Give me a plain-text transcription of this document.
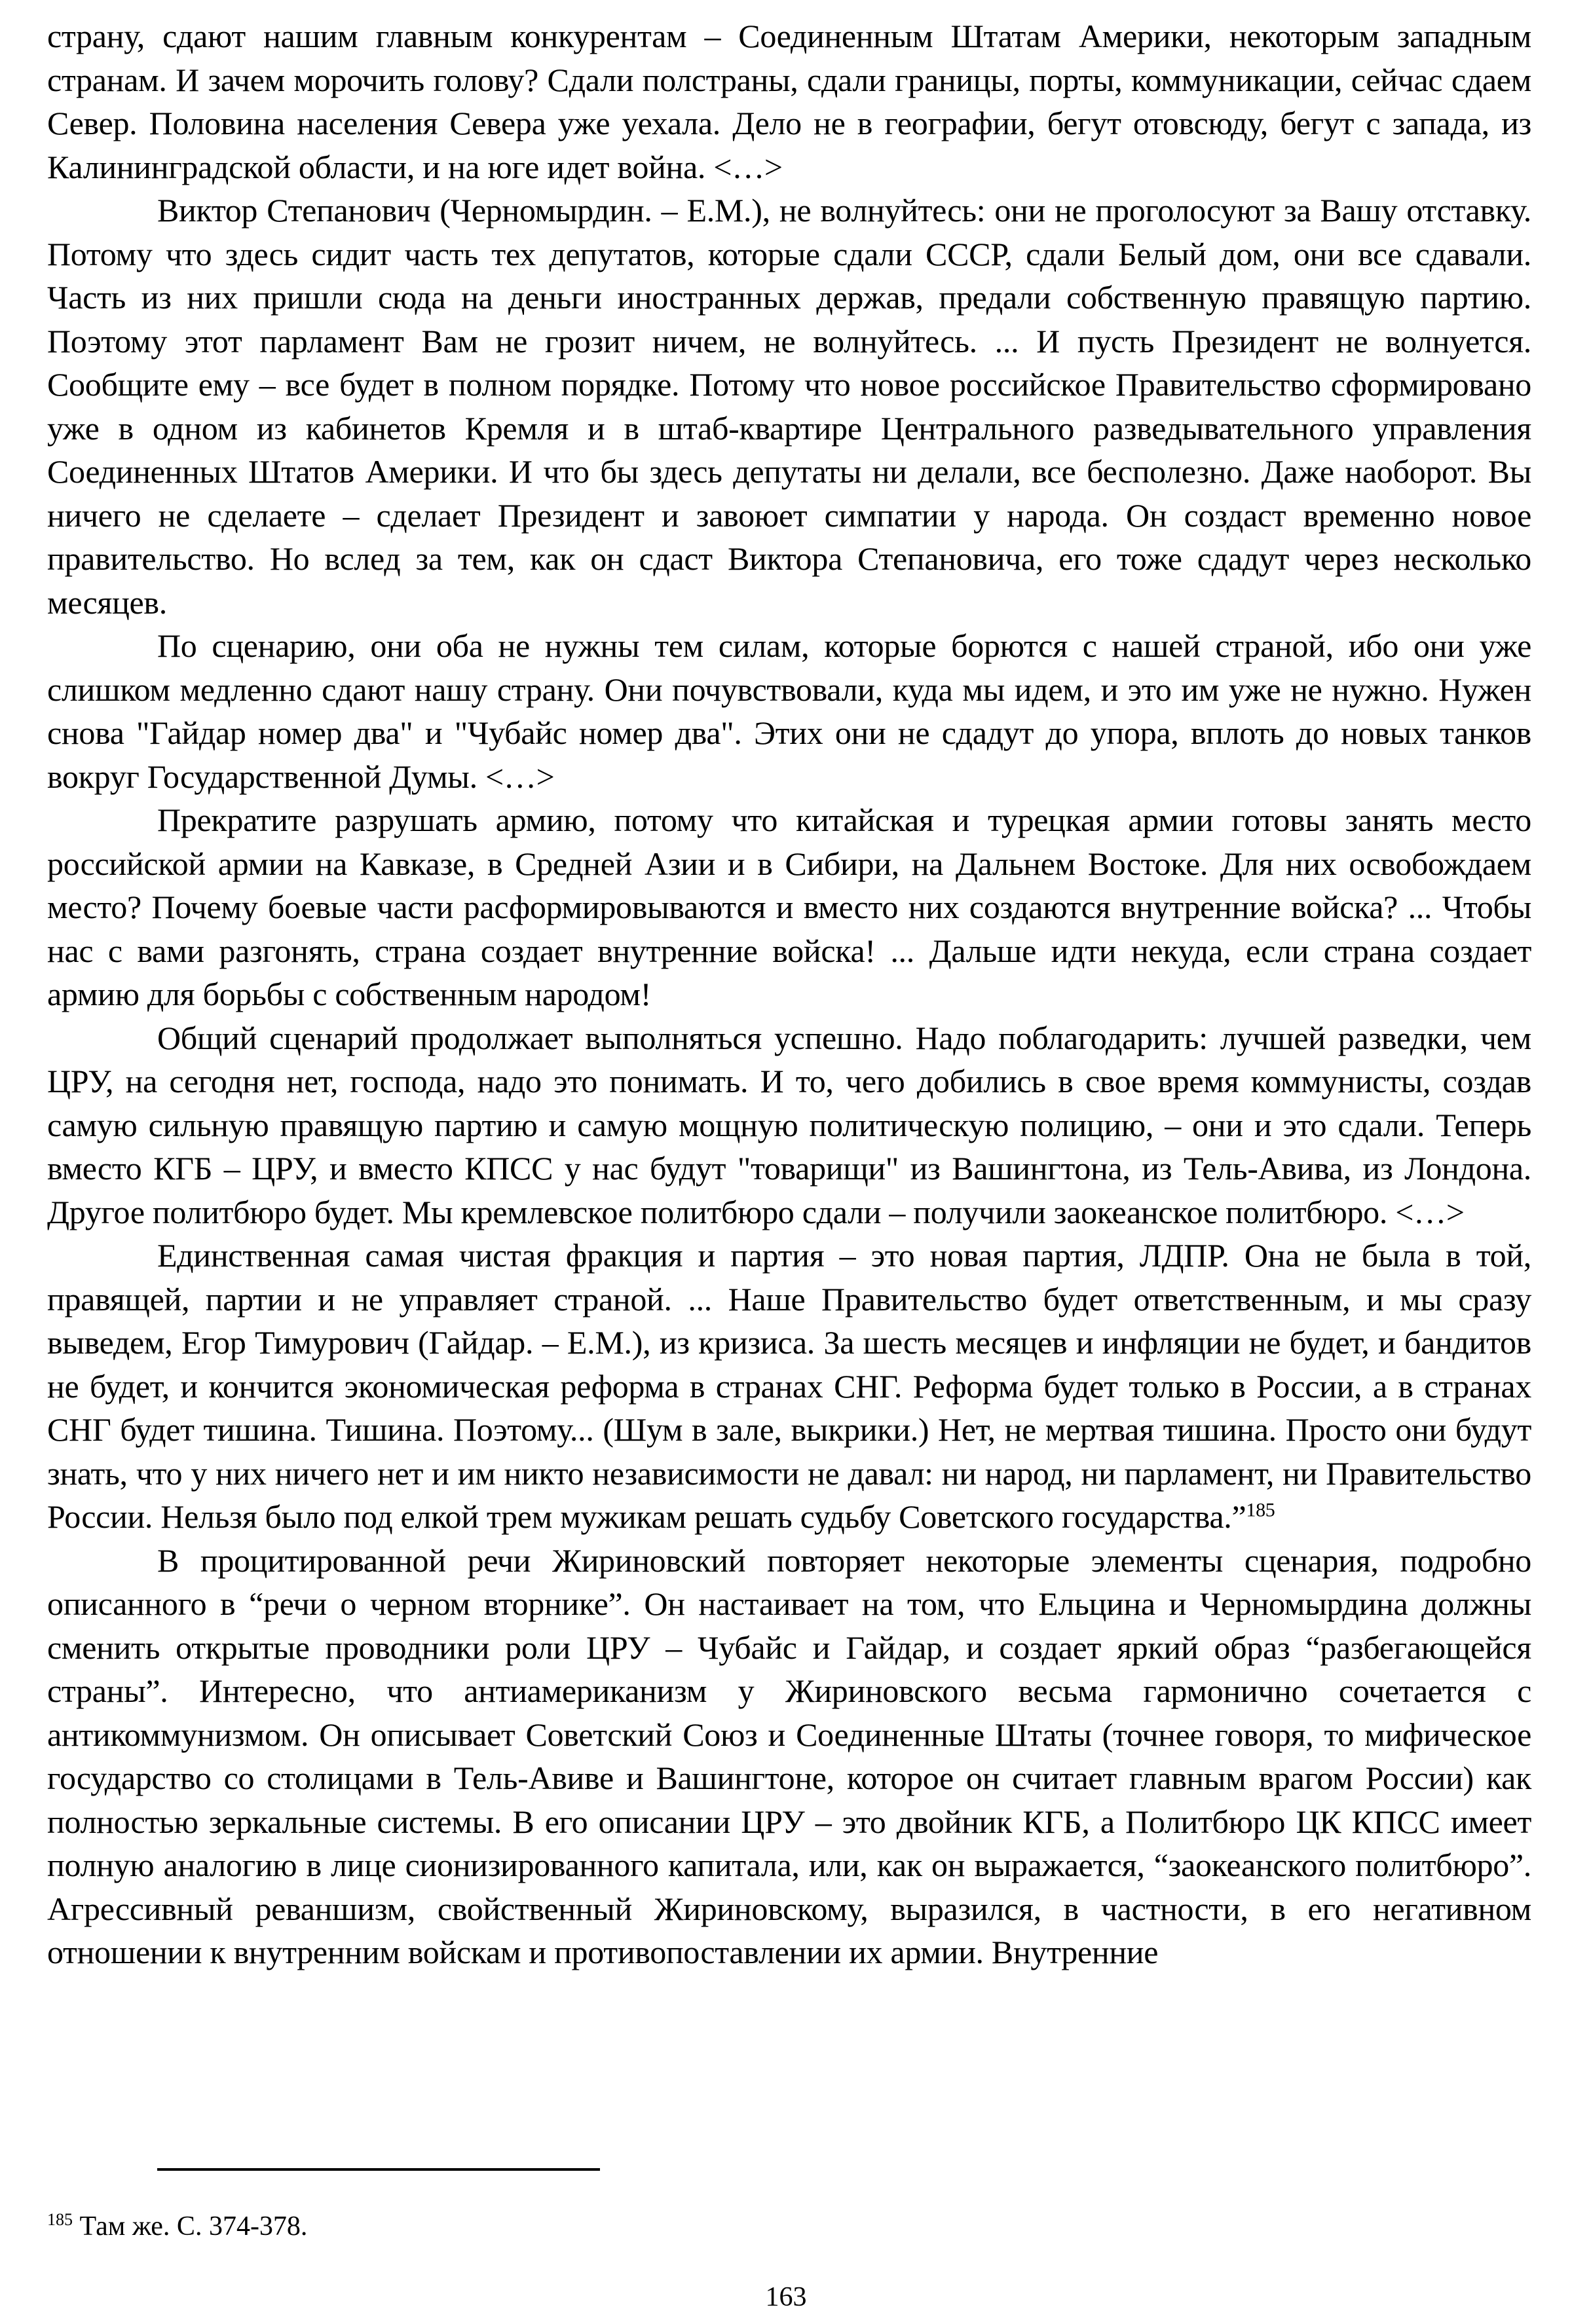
страну, сдают нашим главным конкурентам – Соединенным Штатам Америки, некоторым западным странам. И зачем морочить голову? Сдали полстраны, сдали границы, порты, коммуникации, сейчас сдаем Север. Половина населения Севера уже уехала. Дело не в географии, бегут отовсюду, бегут с запада, из Калининградской области, и на юге идет война. <…>

Виктор Степанович (Черномырдин. – Е.М.), не волнуйтесь: они не проголосуют за Вашу отставку. Потому что здесь сидит часть тех депутатов, которые сдали СССР, сдали Белый дом, они все сдавали. Часть из них пришли сюда на деньги иностранных держав, предали собственную правящую партию. Поэтому этот парламент Вам не грозит ничем, не волнуйтесь. ... И пусть Президент не волнуется. Сообщите ему – все будет в полном порядке. Потому что новое российское Правительство сформировано уже в одном из кабинетов Кремля и в штаб-квартире Центрального разведывательного управления Соединенных Штатов Америки. И что бы здесь депутаты ни делали, все бесполезно. Даже наоборот. Вы ничего не сделаете – сделает Президент и завоюет симпатии у народа. Он создаст временно новое правительство. Но вслед за тем, как он сдаст Виктора Степановича, его тоже сдадут через несколько месяцев.

По сценарию, они оба не нужны тем силам, которые борются с нашей страной, ибо они уже слишком медленно сдают нашу страну. Они почувствовали, куда мы идем, и это им уже не нужно. Нужен снова "Гайдар номер два" и "Чубайс номер два". Этих они не сдадут до упора, вплоть до новых танков вокруг Государственной Думы. <…>

Прекратите разрушать армию, потому что китайская и турецкая армии готовы занять место российской армии на Кавказе, в Средней Азии и в Сибири, на Дальнем Востоке. Для них освобождаем место? Почему боевые части расформировываются и вместо них создаются внутренние войска? ... Чтобы нас с вами разгонять, страна создает внутренние войска! ... Дальше идти некуда, если страна создает армию для борьбы с собственным народом!

Общий сценарий продолжает выполняться успешно. Надо поблагодарить: лучшей разведки, чем ЦРУ, на сегодня нет, господа, надо это понимать. И то, чего добились в свое время коммунисты, создав самую сильную правящую партию и самую мощную политическую полицию, – они и это сдали. Теперь вместо КГБ – ЦРУ, и вместо КПСС у нас будут "товарищи" из Вашингтона, из Тель-Авива, из Лондона. Другое политбюро будет. Мы кремлевское политбюро сдали – получили заокеанское политбюро. <…>

Единственная самая чистая фракция и партия – это новая партия, ЛДПР. Она не была в той, правящей, партии и не управляет страной. ... Наше Правительство будет ответственным, и мы сразу выведем, Егор Тимурович (Гайдар. – Е.М.), из кризиса. За шесть месяцев и инфляции не будет, и бандитов не будет, и кончится экономическая реформа в странах СНГ. Реформа будет только в России, а в странах СНГ будет тишина. Тишина. Поэтому... (Шум в зале, выкрики.) Нет, не мертвая тишина. Просто они будут знать, что у них ничего нет и им никто независимости не давал: ни народ, ни парламент, ни Правительство России. Нельзя было под елкой трем мужикам решать судьбу Советского государства.”$^{185}$

В процитированной речи Жириновский повторяет некоторые элементы сценария, подробно описанного в “речи о черном вторнике”. Он настаивает на том, что Ельцина и Черномырдина должны сменить открытые проводники роли ЦРУ – Чубайс и Гайдар, и создает яркий образ “разбегающейся страны”. Интересно, что антиамериканизм у Жириновского весьма гармонично сочетается с антикоммунизмом. Он описывает Советский Союз и Соединенные Штаты (точнее говоря, то мифическое государство со столицами в Тель-Авиве и Вашингтоне, которое он считает главным врагом России) как полностью зеркальные системы. В его описании ЦРУ – это двойник КГБ, а Политбюро ЦК КПСС имеет полную аналогию в лице сионизированного капитала, или, как он выражается, “заокеанского политбюро”. Агрессивный реваншизм, свойственный Жириновскому, выразился, в частности, в его негативном отношении к внутренним войскам и противопоставлении их армии. Внутренние

$^{185}$ Там же. С. 374-378.
163
